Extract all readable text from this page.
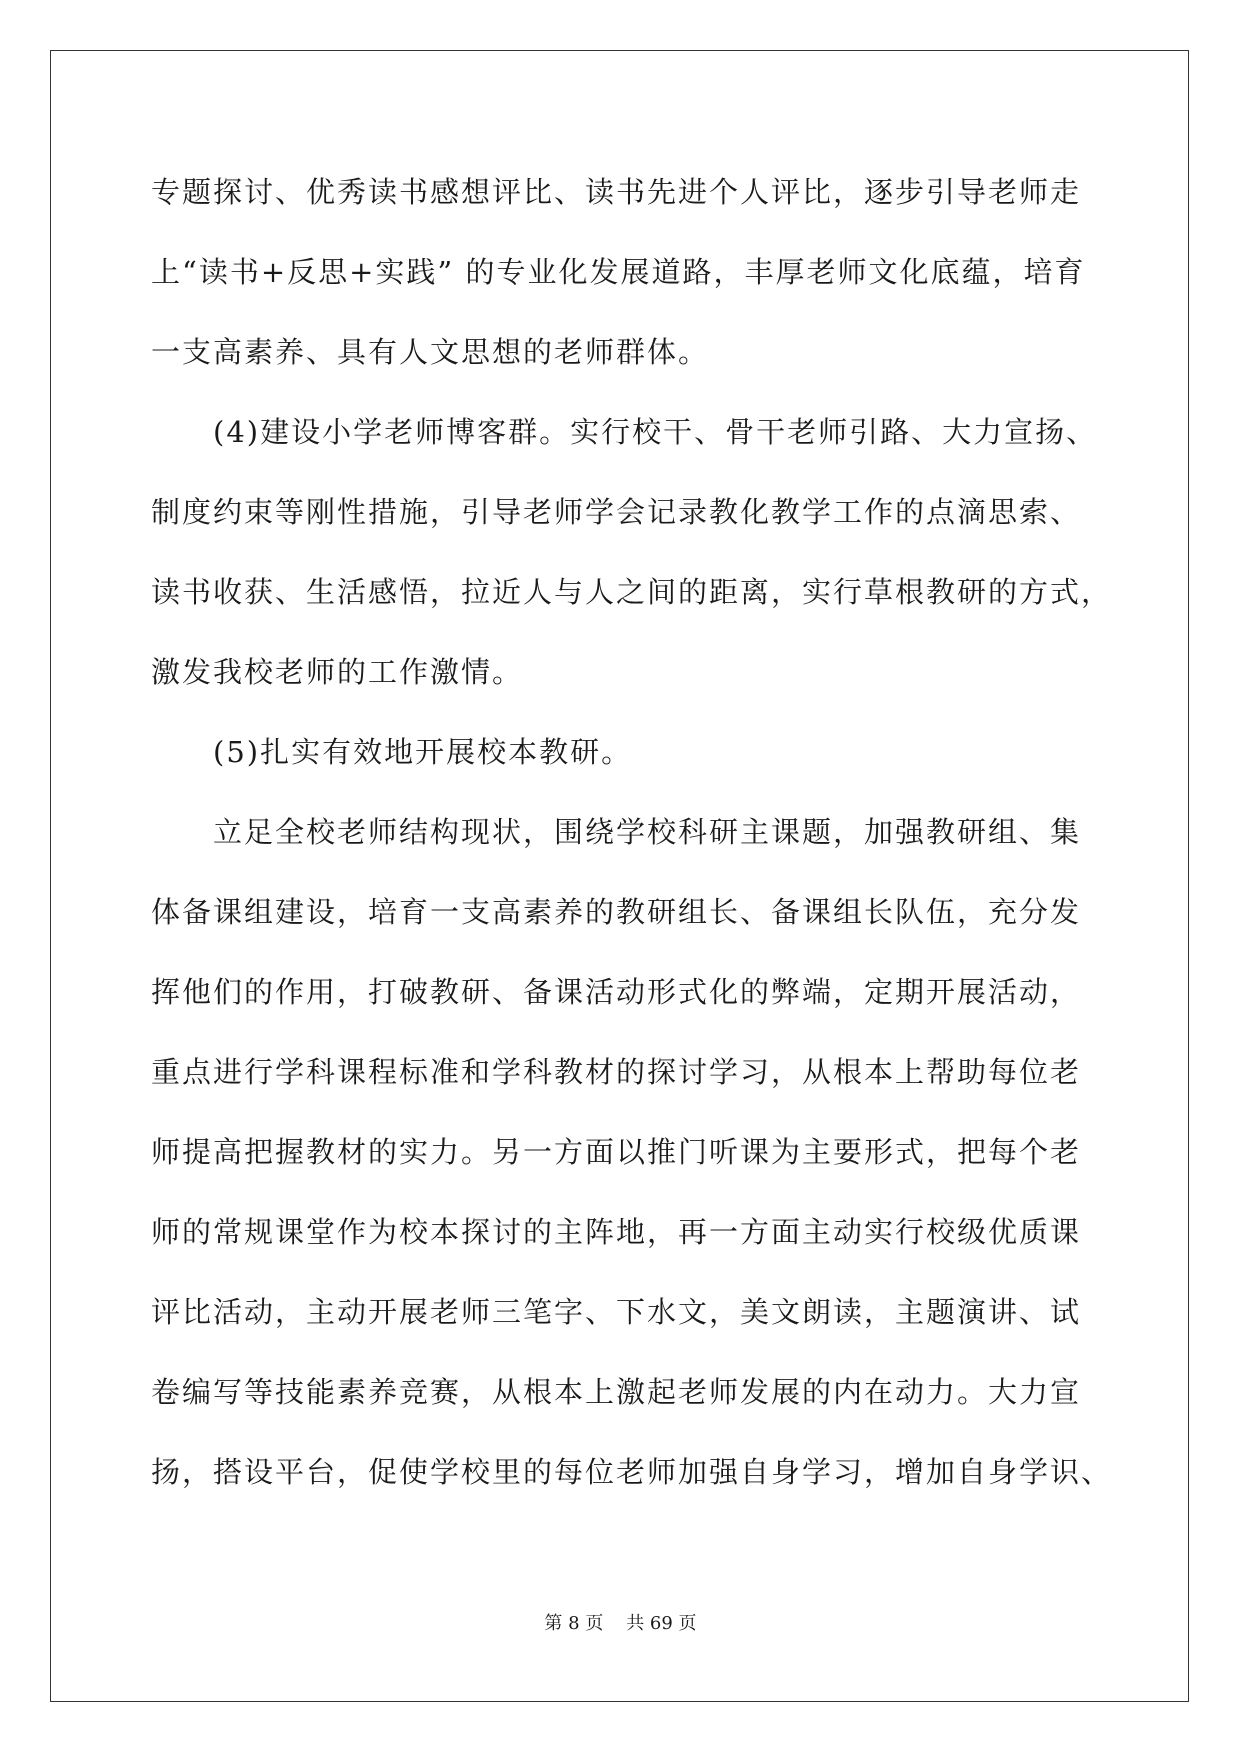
专题探讨、优秀读书感想评比、读书先进个人评比，逐步引导老师走
上“读书+反思+实践” 的专业化发展道路，丰厚老师文化底蕴，培育
一支高素养、具有人文思想的老师群体。
　　(4)建设小学老师博客群。实行校干、骨干老师引路、大力宣扬、
制度约束等刚性措施，引导老师学会记录教化教学工作的点滴思索、
读书收获、生活感悟，拉近人与人之间的距离，实行草根教研的方式，
激发我校老师的工作激情。
　　(5)扎实有效地开展校本教研。
　　立足全校老师结构现状，围绕学校科研主课题，加强教研组、集
体备课组建设，培育一支高素养的教研组长、备课组长队伍，充分发
挥他们的作用，打破教研、备课活动形式化的弊端，定期开展活动，
重点进行学科课程标准和学科教材的探讨学习，从根本上帮助每位老
师提高把握教材的实力。另一方面以推门听课为主要形式，把每个老
师的常规课堂作为校本探讨的主阵地，再一方面主动实行校级优质课
评比活动，主动开展老师三笔字、下水文，美文朗读，主题演讲、试
卷编写等技能素养竞赛，从根本上激起老师发展的内在动力。大力宣
扬，搭设平台，促使学校里的每位老师加强自身学习，增加自身学识、
第 8 页    共 69 页
